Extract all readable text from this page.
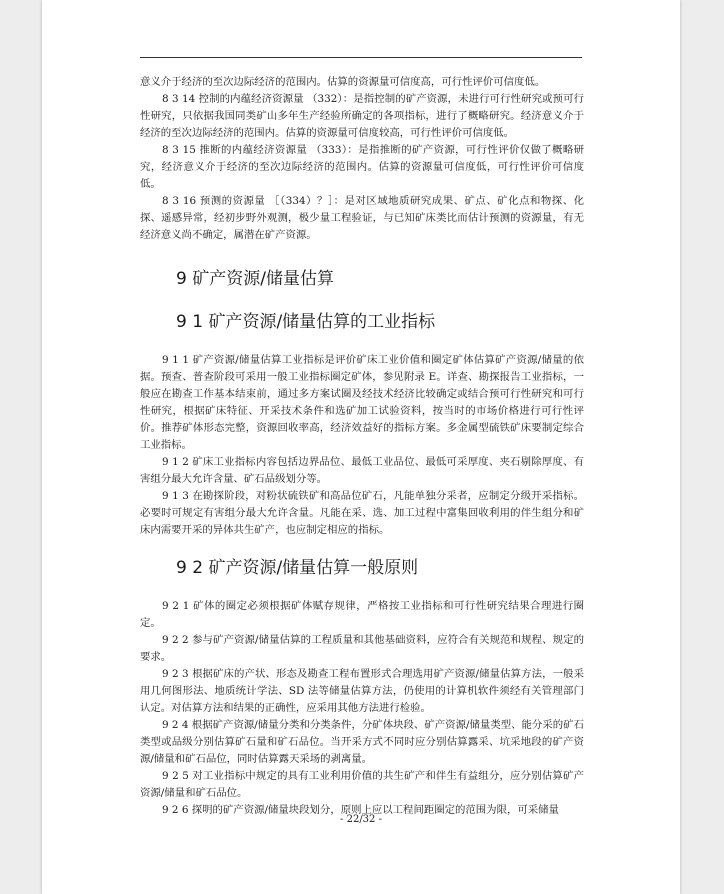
意义介于经济的至次边际经济的范围内。估算的资源量可信度高，可行性评价可信度低。

8 3 14 控制的内蕴经济资源量 （332）：是指控制的矿产资源，未进行可行性研究或预可行性研究，只依据我国同类矿山多年生产经验所确定的各项指标，进行了概略研究。经济意义介于经济的至次边际经济的范围内。估算的资源量可信度较高，可行性评价可信度低。

8 3 15 推断的内蕴经济资源量 （333）：是指推断的矿产资源，可行性评价仅做了概略研究，经济意义介于经济的至次边际经济的范围内。估算的资源量可信度低，可行性评价可信度低。

8 3 16 预测的资源量 ［（334）？］：是对区域地质研究成果、矿点、矿化点和物探、化探、遥感异常，经初步野外观测，极少量工程验证，与已知矿床类比而估计预测的资源量，有无经济意义尚不确定，属潜在矿产资源。

9 矿产资源/储量估算
9 1 矿产资源/储量估算的工业指标

9 1 1 矿产资源/储量估算工业指标是评价矿床工业价值和圈定矿体估算矿产资源/储量的依据。预查、普查阶段可采用一般工业指标圈定矿体，参见附录 E。详查、勘探报告工业指标，一般应在勘查工作基本结束前，通过多方案试圈及经技术经济比较确定或结合预可行性研究和可行性研究，根据矿床特征、开采技术条件和选矿加工试验资料，按当时的市场价格进行可行性评价。推荐矿体形态完整，资源回收率高，经济效益好的指标方案。多金属型硫铁矿床要制定综合工业指标。

9 1 2 矿床工业指标内容包括边界品位、最低工业品位、最低可采厚度、夹石剔除厚度、有害组分最大允许含量、矿石品级划分等。

9 1 3 在勘探阶段，对粉状硫铁矿和高品位矿石，凡能单独分采者，应制定分级开采指标。必要时可规定有害组分最大允许含量。凡能在采、选、加工过程中富集回收利用的伴生组分和矿床内需要开采的异体共生矿产，也应制定相应的指标。

9 2 矿产资源/储量估算一般原则

9 2 1 矿体的圈定必须根据矿体赋存规律，严格按工业指标和可行性研究结果合理进行圈定。

9 2 2 参与矿产资源/储量估算的工程质量和其他基础资料，应符合有关规范和规程、规定的要求。

9 2 3 根据矿床的产状、形态及勘查工程布置形式合理选用矿产资源/储量估算方法，一般采用几何图形法、地质统计学法、SD 法等储量估算方法，仍使用的计算机软件须经有关管理部门认定。对估算方法和结果的正确性，应采用其他方法进行检验。

9 2 4 根据矿产资源/储量分类和分类条件，分矿体块段、矿产资源/储量类型、能分采的矿石类型或品级分别估算矿石量和矿石品位。当开采方式不同时应分别估算露采、坑采地段的矿产资源/储量和矿石品位，同时估算露天采场的剥离量。

9 2 5 对工业指标中规定的具有工业利用价值的共生矿产和伴生有益组分，应分别估算矿产资源/储量和矿石品位。

9 2 6 探明的矿产资源/储量块段划分，原则上应以工程间距圈定的范围为限，可采储量

- 22/32 -
